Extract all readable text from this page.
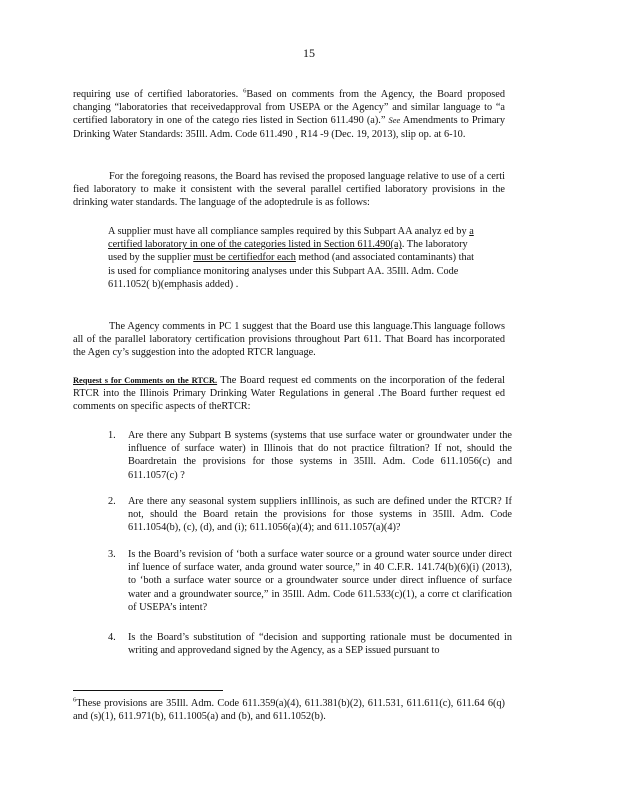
15

requiring use of certified laboratories. $^6$Based on comments from the Agency, the Board proposed changing “laboratories that receivedapproval from USEPA or the Agency” and similar language to “a certified laboratory in one of the catego ries listed in Section 611.490 (a).” See Amendments to Primary Drinking Water Standards: 35Ill. Adm. Code 611.490 , R14 -9 (Dec. 19, 2013), slip op. at 6-10.

For the foregoing reasons, the Board has revised the proposed language relative to use of a certi fied laboratory to make it consistent with the several parallel certified laboratory provisions in the drinking water standards. The language of the adoptedrule is as follows:

A supplier must have all compliance samples required by this Subpart AA analyz ed by a certified laboratory in one of the categories listed in Section 611.490(a). The laboratory used by the supplier must be certifiedfor each method (and associated contaminants) that is used for compliance monitoring analyses under this Subpart AA. 35Ill. Adm. Code 611.1052( b)(emphasis added) .

The Agency comments in PC 1 suggest that the Board use this language.This language follows all of the parallel laboratory certification provisions throughout Part 611. That Board has incorporated the Agen cy’s suggestion into the adopted RTCR language.

Request s for Comments on the RTCR. The Board request ed comments on the incorporation of the federal RTCR into the Illinois Primary Drinking Water Regulations in general .The Board further request ed comments on specific aspects of theRTCR:

1. Are there any Subpart B systems (systems that use surface water or groundwater under the influence of surface water) in Illinois that do not practice filtration? If not, should the Boardretain the provisions for those systems in 35Ill. Adm. Code 611.1056(c) and 611.1057(c) ?
2. Are there any seasonal system suppliers inIllinois, as such are defined under the RTCR? If not, should the Board retain the provisions for those systems in 35Ill. Adm. Code 611.1054(b), (c), (d), and (i); 611.1056(a)(4); and 611.1057(a)(4)?
3. Is the Board’s revision of ‘both a surface water source or a ground water source under direct inf luence of surface water, anda ground water source,” in 40 C.F.R. 141.74(b)(6)(i) (2013), to ‘both a surface water source or a groundwater source under direct influence of surface water and a groundwater source,” in 35Ill. Adm. Code 611.533(c)(1), a corre ct clarification of USEPA’s intent?
4. Is the Board’s substitution of “decision and supporting rationale must be documented in writing and approvedand signed by the Agency, as a SEP issued pursuant to

$^6$These provisions are 35Ill. Adm. Code 611.359(a)(4), 611.381(b)(2), 611.531, 611.611(c), 611.64 6(q) and (s)(1), 611.971(b), 611.1005(a) and (b), and 611.1052(b).
